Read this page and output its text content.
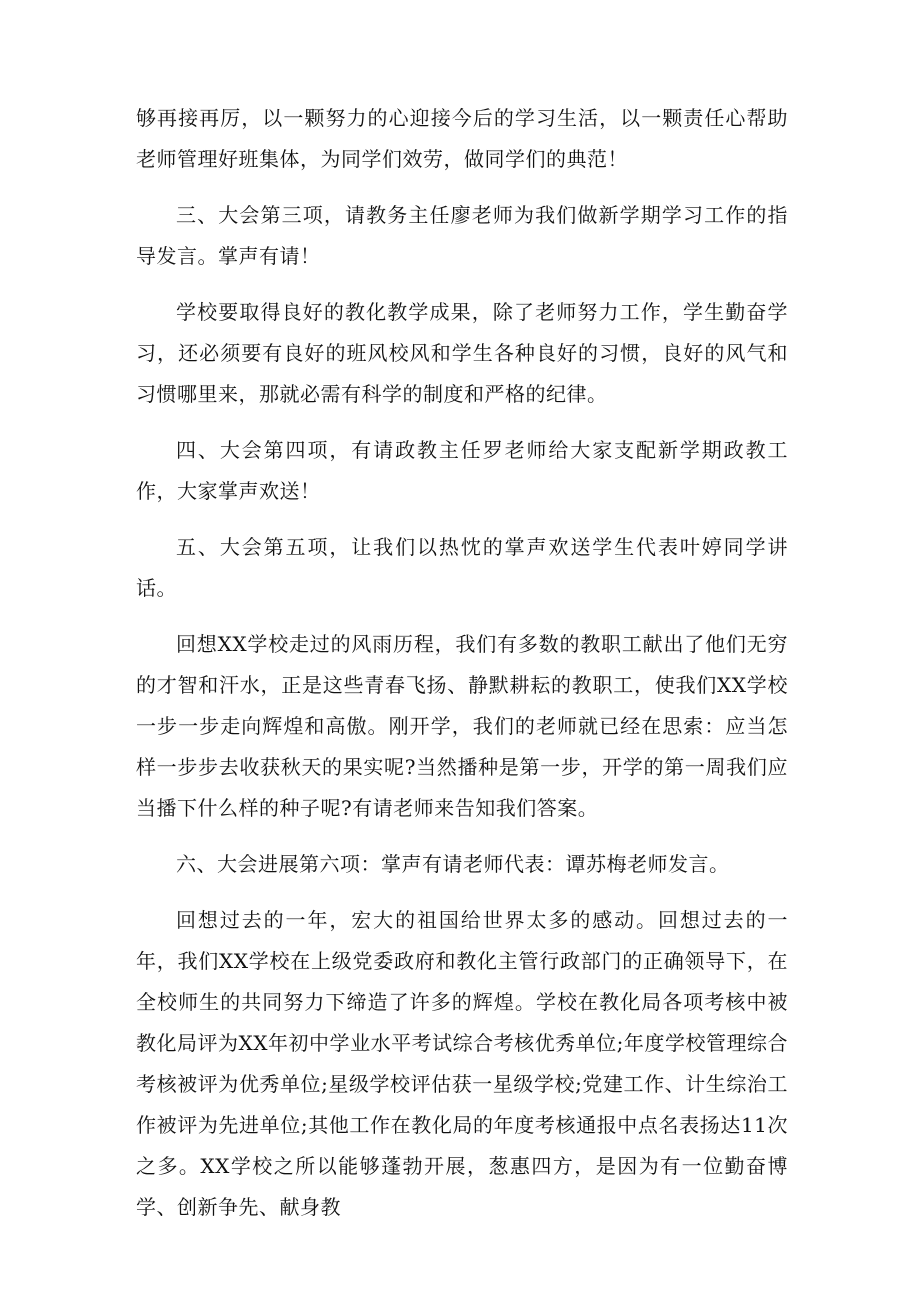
够再接再厉，以一颗努力的心迎接今后的学习生活，以一颗责任心帮助老师管理好班集体，为同学们效劳，做同学们的典范！

三、大会第三项，请教务主任廖老师为我们做新学期学习工作的指导发言。掌声有请！

学校要取得良好的教化教学成果，除了老师努力工作，学生勤奋学习，还必须要有良好的班风校风和学生各种良好的习惯，良好的风气和习惯哪里来，那就必需有科学的制度和严格的纪律。

四、大会第四项，有请政教主任罗老师给大家支配新学期政教工作，大家掌声欢送！

五、大会第五项，让我们以热忱的掌声欢送学生代表叶婷同学讲话。

回想XX学校走过的风雨历程，我们有多数的教职工献出了他们无穷的才智和汗水，正是这些青春飞扬、静默耕耘的教职工，使我们XX学校一步一步走向辉煌和高傲。刚开学，我们的老师就已经在思索：应当怎样一步步去收获秋天的果实呢?当然播种是第一步，开学的第一周我们应当播下什么样的种子呢?有请老师来告知我们答案。

六、大会进展第六项：掌声有请老师代表：谭苏梅老师发言。

回想过去的一年，宏大的祖国给世界太多的感动。回想过去的一年，我们XX学校在上级党委政府和教化主管行政部门的正确领导下，在全校师生的共同努力下缔造了许多的辉煌。学校在教化局各项考核中被教化局评为XX年初中学业水平考试综合考核优秀单位;年度学校管理综合考核被评为优秀单位;星级学校评估获一星级学校;党建工作、计生综治工作被评为先进单位;其他工作在教化局的年度考核通报中点名表扬达11次之多。XX学校之所以能够蓬勃开展，葱惠四方，是因为有一位勤奋博学、创新争先、献身教
